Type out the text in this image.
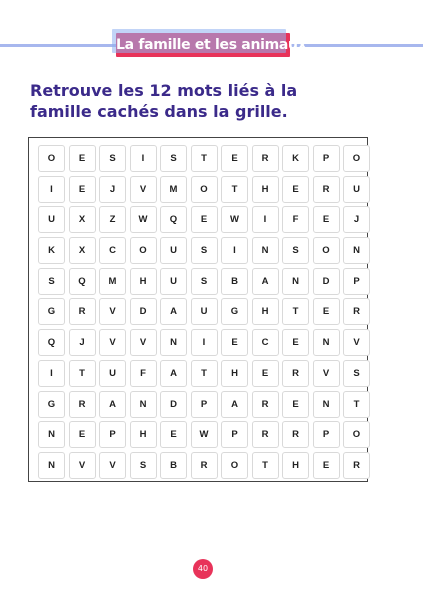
La famille et les animaux
Retrouve les 12 mots liés à la famille cachés dans la grille.
O	E	S	I	S	T	E	R	K	P	O
I	E	J	V	M	O	T	H	E	R	U
U	X	Z	W	Q	E	W	I	F	E	J
K	X	C	O	U	S	I	N	S	O	N
S	Q	M	H	U	S	B	A	N	D	P
G	R	V	D	A	U	G	H	T	E	R
Q	J	V	V	N	I	E	C	E	N	V
I	T	U	F	A	T	H	E	R	V	S
G	R	A	N	D	P	A	R	E	N	T
N	E	P	H	E	W	P	R	R	P	O
N	V	V	S	B	R	O	T	H	E	R
40
